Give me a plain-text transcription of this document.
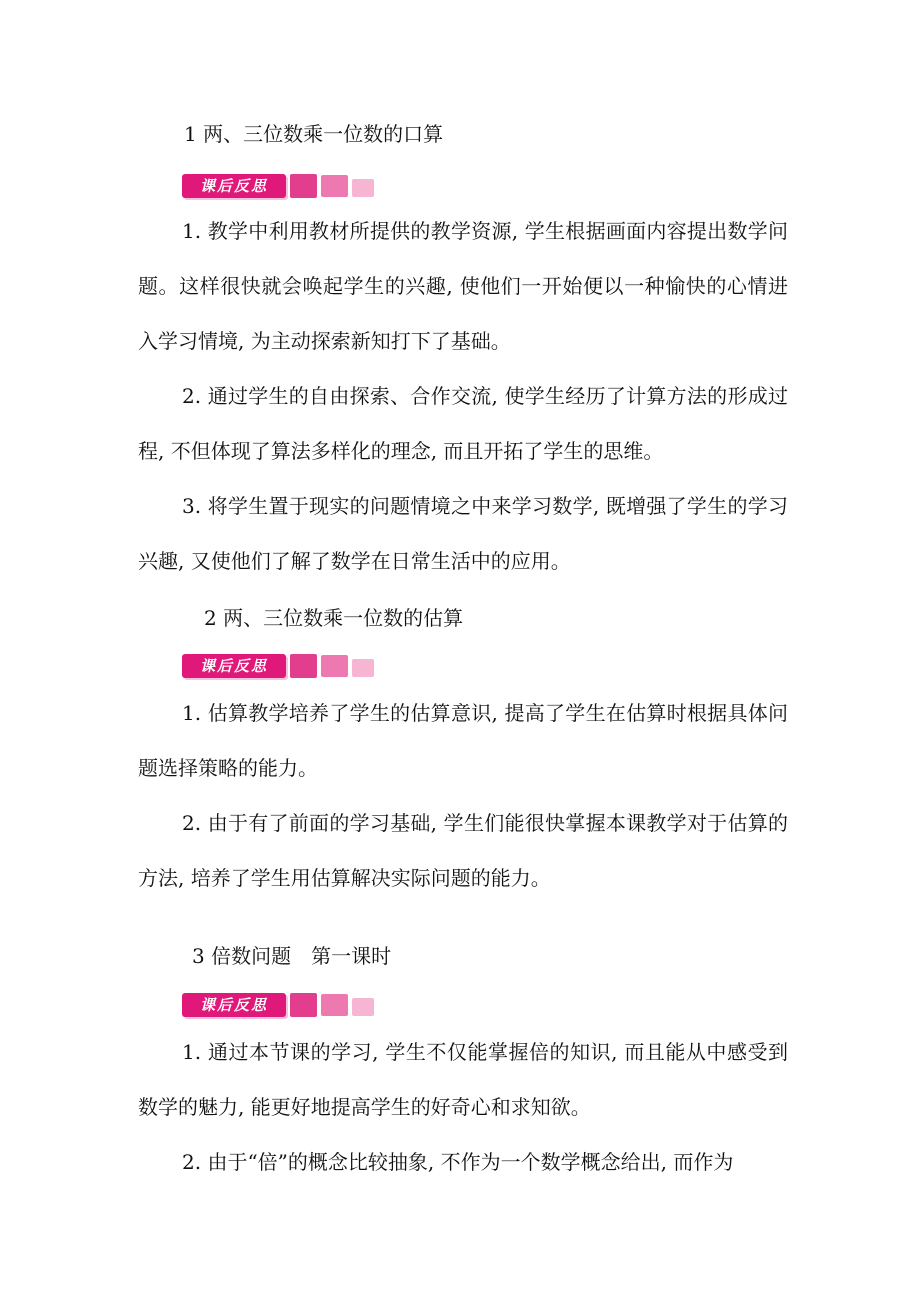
1 两、三位数乘一位数的口算
课后反思

1. 教学中利用教材所提供的教学资源, 学生根据画面内容提出数学问题。这样很快就会唤起学生的兴趣, 使他们一开始便以一种愉快的心情进入学习情境, 为主动探索新知打下了基础。

2. 通过学生的自由探索、合作交流, 使学生经历了计算方法的形成过程, 不但体现了算法多样化的理念, 而且开拓了学生的思维。

3. 将学生置于现实的问题情境之中来学习数学, 既增强了学生的学习兴趣, 又使他们了解了数学在日常生活中的应用。

2 两、三位数乘一位数的估算
课后反思

1. 估算教学培养了学生的估算意识, 提高了学生在估算时根据具体问题选择策略的能力。

2. 由于有了前面的学习基础, 学生们能很快掌握本课教学对于估算的方法, 培养了学生用估算解决实际问题的能力。

3 倍数问题　第一课时
课后反思

1. 通过本节课的学习, 学生不仅能掌握倍的知识, 而且能从中感受到数学的魅力, 能更好地提高学生的好奇心和求知欲。

2. 由于“倍”的概念比较抽象, 不作为一个数学概念给出, 而作为
